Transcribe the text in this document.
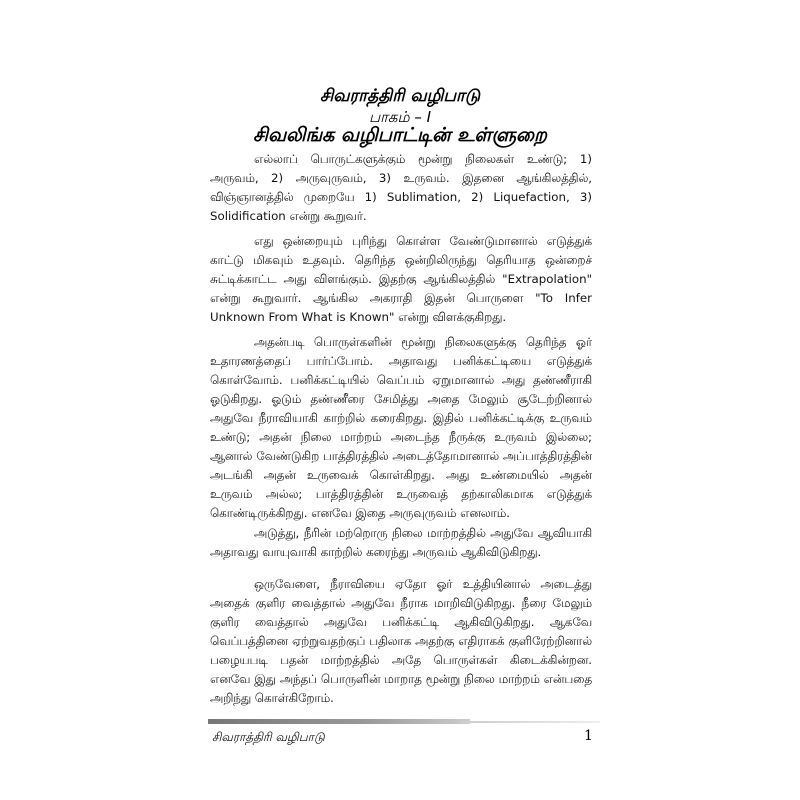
சிவராத்திரி வழிபாடு
பாகம் – I
சிவலிங்க வழிபாட்டின் உள்ளுறை

எல்லாப் பொருட்களுக்கும் மூன்று நிலைகள் உண்டு; 1) அருவம், 2) அருவுருவம், 3) உருவம். இதனை ஆங்கிலத்தில், விஞ்ஞானத்தில் முறையே 1) Sublimation, 2) Liquefaction, 3) Solidification என்று கூறுவர்.

எது ஒன்றையும் புரிந்து கொள்ள வேண்டுமானால் எடுத்துக் காட்டு மிகவும் உதவும். தெரிந்த ஒன்றிலிருந்து தெரியாத ஒன்றைச் சுட்டிக்காட்ட அது விளங்கும். இதற்கு ஆங்கிலத்தில் "Extrapolation" என்று கூறுவார். ஆங்கில அகராதி இதன் பொருளை "To Infer Unknown From What is Known" என்று விளக்குகிறது.

அதன்படி பொருள்களின் மூன்று நிலைகளுக்கு தெரிந்த ஓர் உதாரணத்தைப் பார்ப்போம். அதாவது பனிக்கட்டியை எடுத்துக் கொள்வோம். பனிக்கட்டியில் வெப்பம் ஏறுமானால் அது தண்ணீராகி ஓடுகிறது. ஓடும் தண்ணீரை சேமித்து அதை மேலும் சூடேற்றினால் அதுவே நீராவியாகி காற்றில் கரைகிறது. இதில் பனிக்கட்டிக்கு உருவம் உண்டு; அதன் நிலை மாற்றம் அடைந்த நீருக்கு உருவம் இல்லை; ஆனால் வேண்டுகிற பாத்திரத்தில் அடைத்தோமானால் அப்பாத்திரத்தின் அடங்கி அதன் உருவைக் கொள்கிறது. அது உண்மையில் அதன் உருவம் அல்ல; பாத்திரத்தின் உருவைத் தற்காலிகமாக எடுத்துக் கொண்டிருக்கிறது. எனவே இதை அருவுருவம் எனலாம்.

அடுத்து, நீரின் மற்றொரு நிலை மாற்றத்தில் அதுவே ஆவியாகி அதாவது வாயுவாகி காற்றில் கரைந்து அருவம் ஆகிவிடுகிறது.

ஒருவேளை, நீராவியை ஏதோ ஓர் உத்தியினால் அடைத்து அதைக் குளிர வைத்தால் அதுவே நீராக மாறிவிடுகிறது. நீரை மேலும் குளிர வைத்தால் அதுவே பனிக்கட்டி ஆகிவிடுகிறது. ஆகவே வெப்பத்தினை ஏற்றுவதற்குப் பதிலாக அதற்கு எதிராகக் குளிரேற்றினால் பழையபடி பதன் மாற்றத்தில் அதே பொருள்கள் கிடைக்கின்றன. எனவே இது அந்தப் பொருளின் மாறாத மூன்று நிலை மாற்றம் என்பதை அறிந்து கொள்கிறோம்.

சிவராத்திரி வழிபாடு	1
